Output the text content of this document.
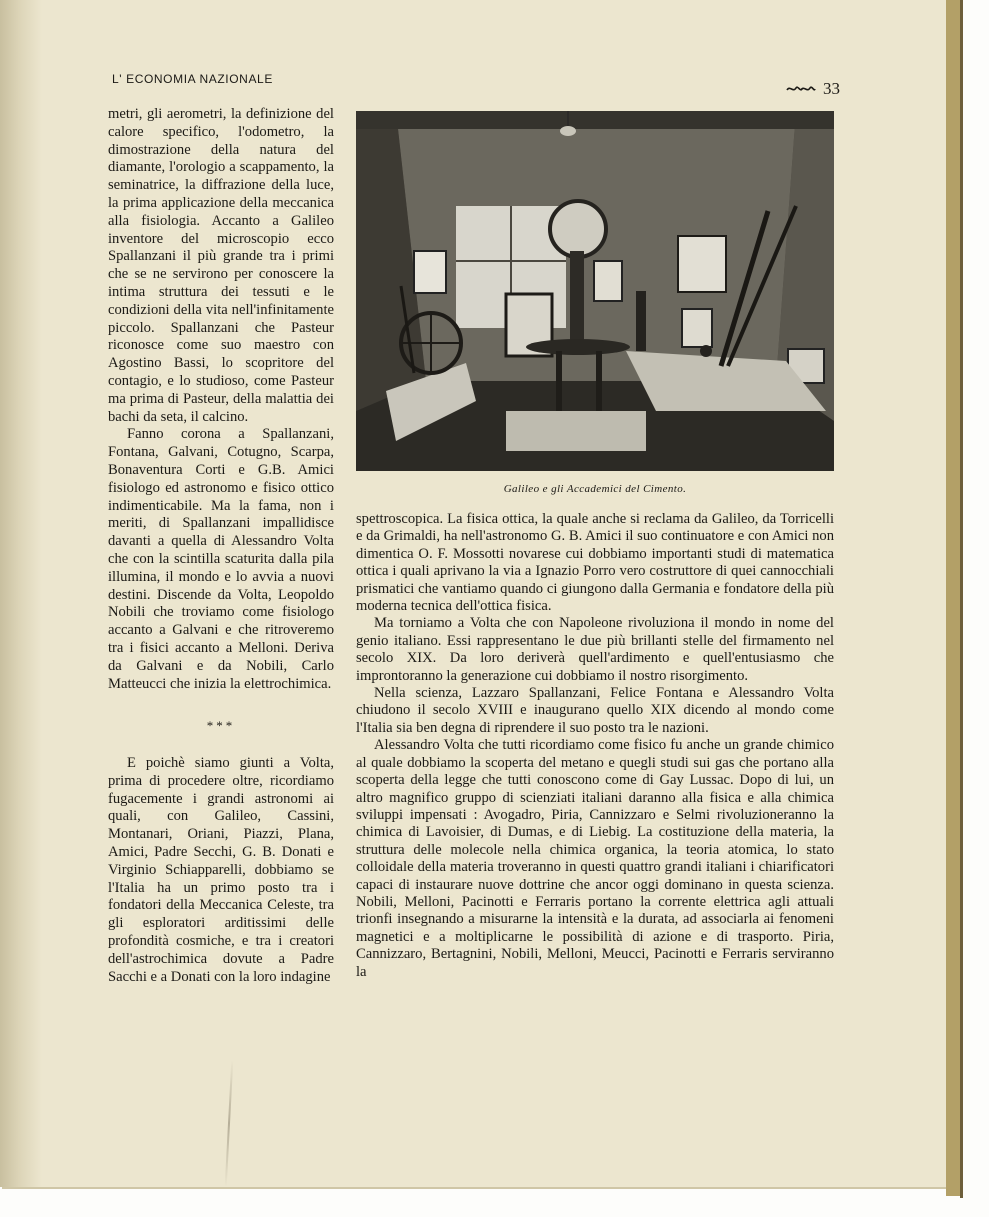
L' ECONOMIA NAZIONALE	33

metri, gli aerometri, la definizione del calore specifico, l'odometro, la dimostrazione della natura del diamante, l'orologio a scappamento, la seminatrice, la diffrazione della luce, la prima applicazione della meccanica alla fisiologia. Accanto a Galileo inventore del microscopio ecco Spallanzani il più grande tra i primi che se ne servirono per conoscere la intima struttura dei tessuti e le condizioni della vita nell'infinitamente piccolo. Spallanzani che Pasteur riconosce come suo maestro con Agostino Bassi, lo scopritore del contagio, e lo studioso, come Pasteur ma prima di Pasteur, della malattia dei bachi da seta, il calcino.

Fanno corona a Spallanzani, Fontana, Galvani, Cotugno, Scarpa, Bonaventura Corti e G.B. Amici fisiologo ed astronomo e fisico ottico indimenticabile. Ma la fama, non i meriti, di Spallanzani impallidisce davanti a quella di Alessandro Volta che con la scintilla scaturita dalla pila illumina, il mondo e lo avvia a nuovi destini. Discende da Volta, Leopoldo Nobili che troviamo come fisiologo accanto a Galvani e che ritroveremo tra i fisici accanto a Melloni. Deriva da Galvani e da Nobili, Carlo Matteucci che inizia la elettrochimica.

***

E poichè siamo giunti a Volta, prima di procedere oltre, ricordiamo fugacemente i grandi astronomi ai quali, con Galileo, Cassini, Montanari, Oriani, Piazzi, Plana, Amici, Padre Secchi, G. B. Donati e Virginio Schiapparelli, dobbiamo se l'Italia ha un primo posto tra i fondatori della Meccanica Celeste, tra gli esploratori arditissimi delle profondità cosmiche, e tra i creatori dell'astrochimica dovute a Padre Sacchi e a Donati con la loro indagine

Galileo e gli Accademici del Cimento.

spettroscopica. La fisica ottica, la quale anche si reclama da Galileo, da Torricelli e da Grimaldi, ha nell'astronomo G. B. Amici il suo continuatore e con Amici non dimentica O. F. Mossotti novarese cui dobbiamo importanti studi di matematica ottica i quali aprivano la via a Ignazio Porro vero costruttore di quei cannocchiali prismatici che vantiamo quando ci giungono dalla Germania e fondatore della più moderna tecnica dell'ottica fisica.

Ma torniamo a Volta che con Napoleone rivoluziona il mondo in nome del genio italiano. Essi rappresentano le due più brillanti stelle del firmamento nel secolo XIX. Da loro deriverà quell'ardimento e quell'entusiasmo che improntoranno la generazione cui dobbiamo il nostro risorgimento.

Nella scienza, Lazzaro Spallanzani, Felice Fontana e Alessandro Volta chiudono il secolo XVIII e inaugurano quello XIX dicendo al mondo come l'Italia sia ben degna di riprendere il suo posto tra le nazioni.

Alessandro Volta che tutti ricordiamo come fisico fu anche un grande chimico al quale dobbiamo la scoperta del metano e quegli studi sui gas che portano alla scoperta della legge che tutti conoscono come di Gay Lussac. Dopo di lui, un altro magnifico gruppo di scienziati italiani daranno alla fisica e alla chimica sviluppi impensati : Avogadro, Piria, Cannizzaro e Selmi rivoluzioneranno la chimica di Lavoisier, di Dumas, e di Liebig. La costituzione della materia, la struttura delle molecole nella chimica organica, la teoria atomica, lo stato colloidale della materia troveranno in questi quattro grandi italiani i chiarificatori capaci di instaurare nuove dottrine che ancor oggi dominano in questa scienza. Nobili, Melloni, Pacinotti e Ferraris portano la corrente elettrica agli attuali trionfi insegnando a misurarne la intensità e la durata, ad associarla ai fenomeni magnetici e a moltiplicarne le possibilità di azione e di trasporto. Piria, Cannizzaro, Bertagnini, Nobili, Melloni, Meucci, Pacinotti e Ferraris serviranno la
